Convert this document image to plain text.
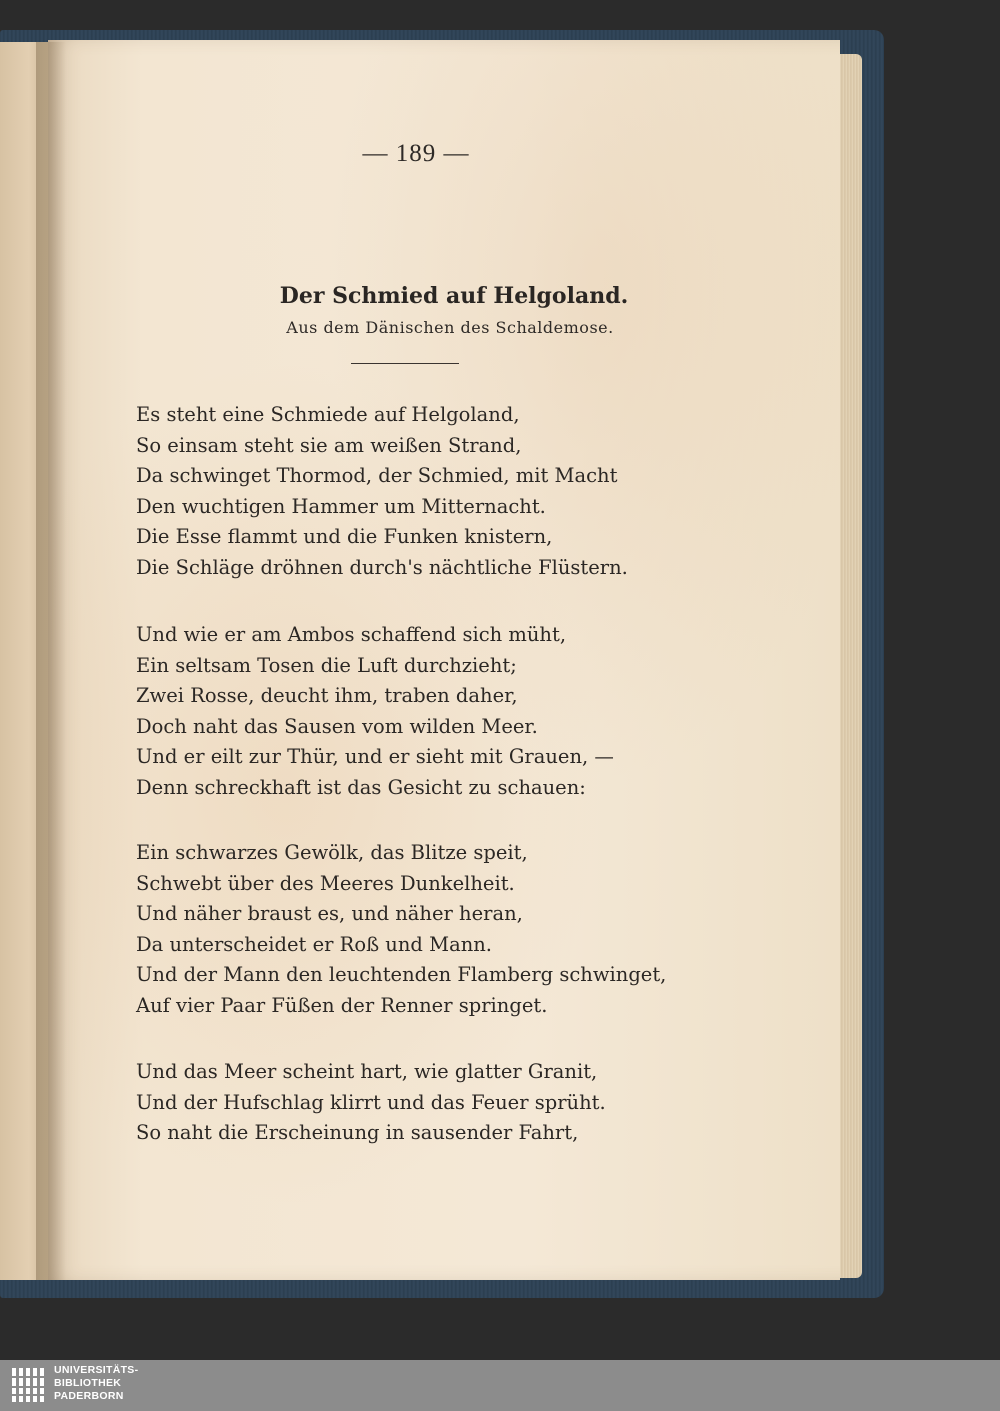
— 189 —
Der Schmied auf Helgoland.
Aus dem Dänischen des Schaldemose.
Es steht eine Schmiede auf Helgoland,
So einsam steht sie am weißen Strand,
Da schwinget Thormod, der Schmied, mit Macht
Den wuchtigen Hammer um Mitternacht.
Die Esse flammt und die Funken knistern,
Die Schläge dröhnen durch's nächtliche Flüstern.
Und wie er am Ambos schaffend sich müht,
Ein seltsam Tosen die Luft durchzieht;
Zwei Rosse, deucht ihm, traben daher,
Doch naht das Sausen vom wilden Meer.
Und er eilt zur Thür, und er sieht mit Grauen, —
Denn schreckhaft ist das Gesicht zu schauen:
Ein schwarzes Gewölk, das Blitze speit,
Schwebt über des Meeres Dunkelheit.
Und näher braust es, und näher heran,
Da unterscheidet er Roß und Mann.
Und der Mann den leuchtenden Flamberg schwinget,
Auf vier Paar Füßen der Renner springet.
Und das Meer scheint hart, wie glatter Granit,
Und der Hufschlag klirrt und das Feuer sprüht.
So naht die Erscheinung in sausender Fahrt,
UNIVERSITÄTS-
BIBLIOTHEK
PADERBORN
